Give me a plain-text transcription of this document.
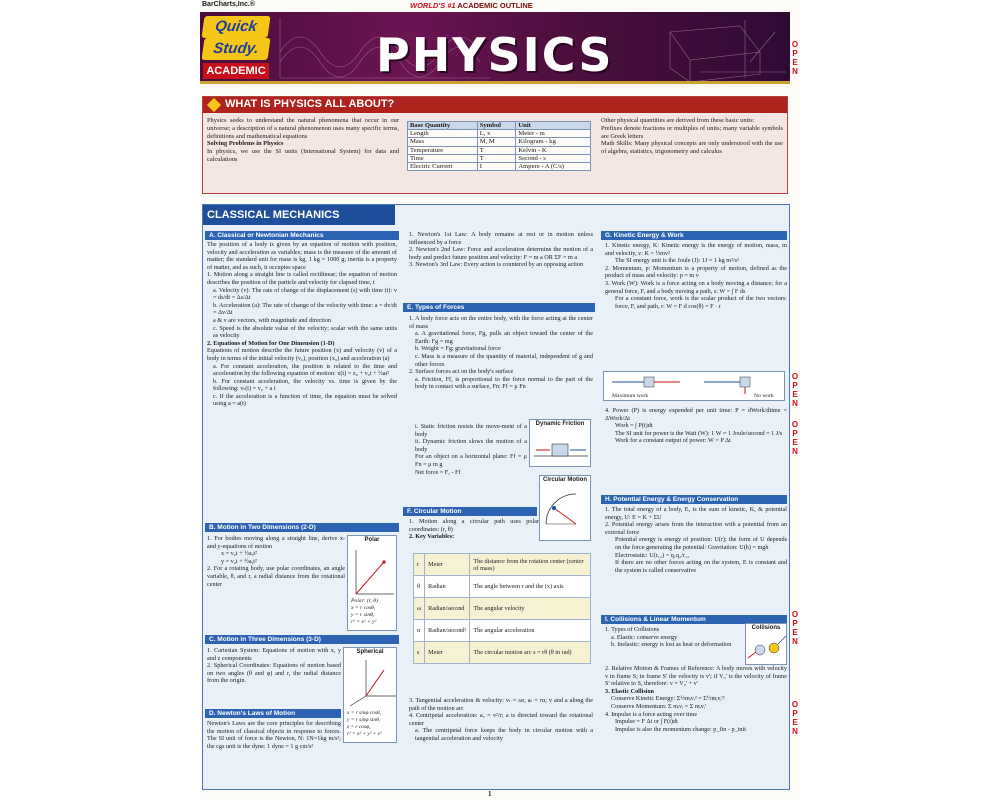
BarCharts,Inc.®	WORLD'S #1 ACADEMIC OUTLINE
Quick
Study.
ACADEMIC PHYSICS	O
P
E
N
O
P
E
N
O
P
E
N
O
P
E
N
O
P
E
N
WHAT IS PHYSICS ALL ABOUT?
Physics seeks to understand the natural phenomena that occur in our universe; a description of a natural phenomenon uses many specific terms, definitions and mathematical equations
Solving Problems in Physics
In physics, we use the SI units (International System) for data and calculations
Base Quantity	Symbol	Unit
Length	L, x	Meter - m
Mass	M, M	Kilogram - kg
Temperature	T	Kelvin - K
Time	T	Second - s
Electric Current	I	Ampere - A (C/s)
Other physical quantities are derived from these basic units:
Prefixes denote fractions or multiples of units; many variable symbols are Greek letters
Math Skills: Many physical concepts are only understood with the use of algebra, statistics, trigonometry and calculus
CLASSICAL MECHANICS
A. Classical or Newtonian Mechanics
The position of a body is given by an equation of motion with position, velocity and acceleration as variables; mass is the measure of the amount of matter; the standard unit for mass is kg, 1 kg = 1000 g; inertia is a property of matter, and as such, it occupies space
1. Motion along a straight line is called rectilinear; the equation of motion describes the position of the particle and velocity for clapsed time, t
a. Velocity (v): The rate of change of the displacement (s) with time (t): v = ds/dt = Δs/Δt
b. Acceleration (a): The rate of change of the velocity with time: a = dv/dt = Δv/Δt
a & v are vectors, with magnitude and direction
c. Speed is the absolute value of the velocity; scalar with the same units as velocity
2. Equations of Motion for One Dimension (1-D)
Equations of motion describe the future position (x) and velocity (v) of a body in terms of the initial velocity (v₀), position (x₀) and acceleration (a)
a. For constant acceleration, the position is related to the time and acceleration by the following equation of motion: x(t) = x₀ + v₀t + ½at²
b. For constant acceleration, the velocity vs. time is given by the following: vₜ(t) = v₀ + a t
c. If the acceleration is a function of time, the equation must be solved using a = a(t)
B. Motion in Two Dimensions (2-D)
1. For bodies moving along a straight line, derive x- and y-equations of motion
x = v₀t + ½aₓt²
y = v₀t + ½aᵧt²
2. For a rotating body, use polar coordinates, an angle variable, θ, and r, a radial distance from the rotational center
Polar
Polar: (r, θ)
x = r cosθ,
y = r sinθ,
r² = x² + y²
C. Motion in Three Dimensions (3-D)
1. Cartesian System: Equations of motion with x, y and z components
2. Spherical Coordinates: Equations of motion based on two angles (θ and φ) and r, the radial distance from the origin.
Spherical
x = r sinφ cosθ,
y = r sinφ sinθ,
z = r cosφ,
r² = x² + y² + z²
D. Newton's Laws of Motion
Newton's Laws are the core principles for describing the motion of classical objects in response to forces. The SI unit of force is the Newton, N: 1N=1kg m/s²; the cgs unit is the dyne: 1 dyne = 1 g cm/s²
1. Newton's 1st Law: A body remains at rest or in motion unless influenced by a force
2. Newton's 2nd Law: Force and acceleration determine the motion of a body and predict future position and velocity: F = m a OR ΣF = m a
3. Newton's 3rd Law: Every action is countered by an opposing action
E. Types of Forces
1. A body force acts on the entire body, with the force acting at the center of mass
a. A gravitational force, Fg, pulls an object toward the center of the Earth: Fg = mg
b. Weight = Fg; gravitational force
c. Mass is a measure of the quantity of material, independent of g and other forces
2. Surface forces act on the body's surface
a. Friction, Ff, is proportional to the force normal to the part of the body in contact with a surface, Fn: Ff = μ Fn
i. Static friction resists the move-ment of a body
ii. Dynamic friction slows the motion of a body
For an object on a horizontal plane: Ff = μ Fn = μ m g
Net force = Fₐ - Ff
Dynamic Friction
Circular Motion
F. Circular Motion
1. Motion along a circular path uses polar coordinates: (r, θ)
2. Key Variables:
r	Meter	The distance from the rotation center (center of mass)
θ	Radian	The angle between r and the (x) axis
ω	Radian/second	The angular velocity
α	Radian/second²	The angular acceleration
s	Meter	The circular motion arc s = rθ (θ in rad)
3. Tangential acceleration & velocity: vₜ = ωr, aₜ = rα; v and a along the path of the motion arc
4. Centripetal acceleration: a꜀ = v²/r; a is directed toward the rotational center
a. The centripetal force keeps the body in circular motion with a tangential acceleration and velocity
G. Kinetic Energy & Work
1. Kinetic energy, K: Kinetic energy is the energy of motion, mass, m and velocity, v: K = ½mv²
The SI energy unit is the Joule (J): 1J = 1 kg m²/s²
2. Momentum, p: Momentum is a property of motion, defined as the product of mass and velocity: p = m v
3. Work (W): Work is a force acting on a body moving a distance; for a general force, F, and a body moving a path, s: W = ∫ F ds
For a constant force, work is the scalar product of the two vectors: force, F, and path, r: W = F d cos(θ) = F · r
Maximum work	No work
4. Power (P) is energy expended per unit time: P = dWork/dtime = ΔWork/Δt
Work = ∫ P(t)dt
The SI unit for power is the Watt (W): 1 W = 1 Joule/second = 1 J/s
Work for a constant output of power: W = P Δt
H. Potential Energy & Energy Conservation
1. The total energy of a body, E, is the sum of kinetic, K, & potential energy, U: E = K + ΣU
2. Potential energy arises from the interaction with a potential from an external force
Potential energy is energy of position: U(r); the form of U depends on the force generating the potential: Gravitation: U(h) = mgh
Electrostatic: U(r₁₂) = q₁q₂/r₁₂
If there are no other forces acting on the system, E is constant and the system is called conservative
I. Collisions & Linear Momentum
1. Types of Collisions
a. Elastic: conserve energy
b. Inelastic: energy is lost as heat or deformation
Collisions
2. Relative Motion & Frames of Reference: A body moves with velocity v in frame S; in frame S' the velocity is v'; if V₀' is the velocity of frame S' relative to S, therefore: v = V₀' + v'
3. Elastic Collision
Conserve Kinetic Energy: Σ½mᵢvᵢ² = Σ½mᵢvᵢ'²
Conserve Momentum: Σ mᵢvᵢ = Σ mᵢvᵢ'
4. Impulse is a force acting over time
Impulse = F Δt or ∫ F(t)dt
Impulse is also the momentum change: p_fin - p_init
1
